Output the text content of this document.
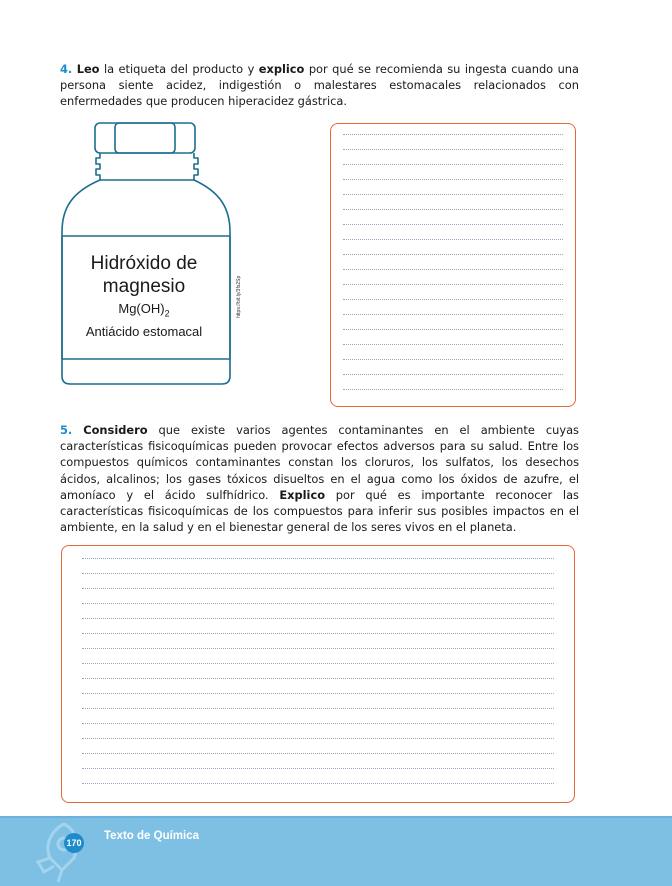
4. Leo la etiqueta del producto y explico por qué se recomienda su ingesta cuando una persona siente acidez, indigestión o malestares estomacales relacionados con enfermedades que producen hiperacidez gástrica.

Hidróxido de
magnesio
$Mg(OH)_2$
Antiácido estomacal
https://bit.ly/3fs2Sp

5. Considero que existe varios agentes contaminantes en el ambiente cuyas características fisicoquímicas pueden provocar efectos adversos para su salud. Entre los compuestos químicos contaminantes constan los cloruros, los sulfatos, los desechos ácidos, alcalinos; los gases tóxicos disueltos en el agua como los óxidos de azufre, el amoníaco y el ácido sulfhídrico. Explico por qué es importante reconocer las características fisicoquímicas de los compuestos para inferir sus posibles impactos en el ambiente, en la salud y en el bienestar general de los seres vivos en el planeta.

170
Texto de Química
